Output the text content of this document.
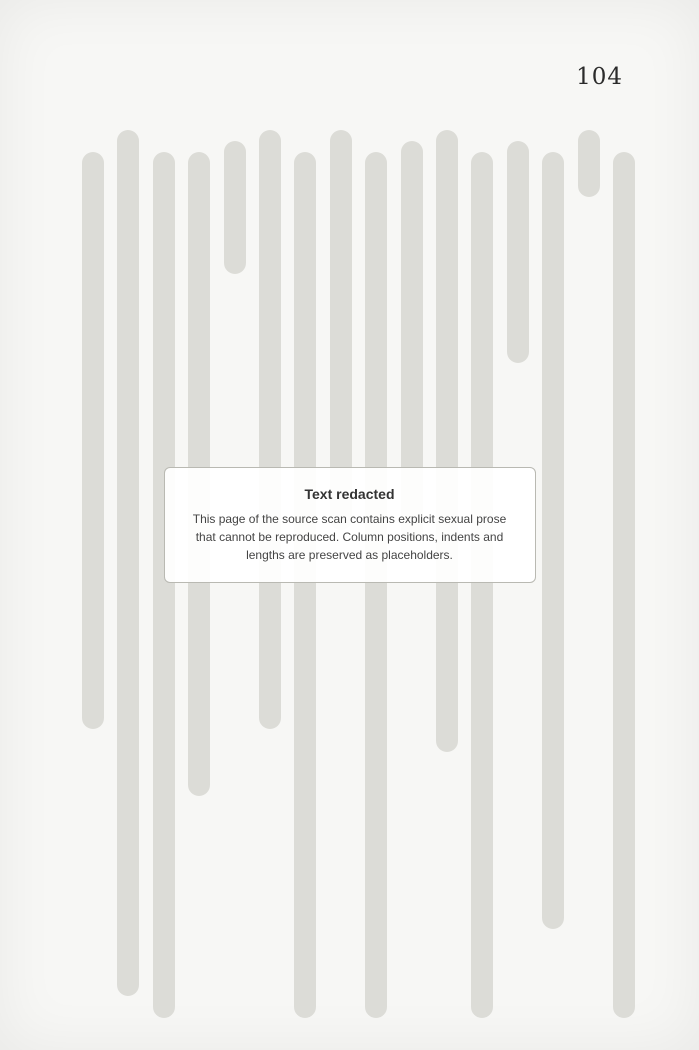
104
Text redacted
This page of the source scan contains explicit sexual prose that cannot be reproduced. Column positions, indents and lengths are preserved as placeholders.
